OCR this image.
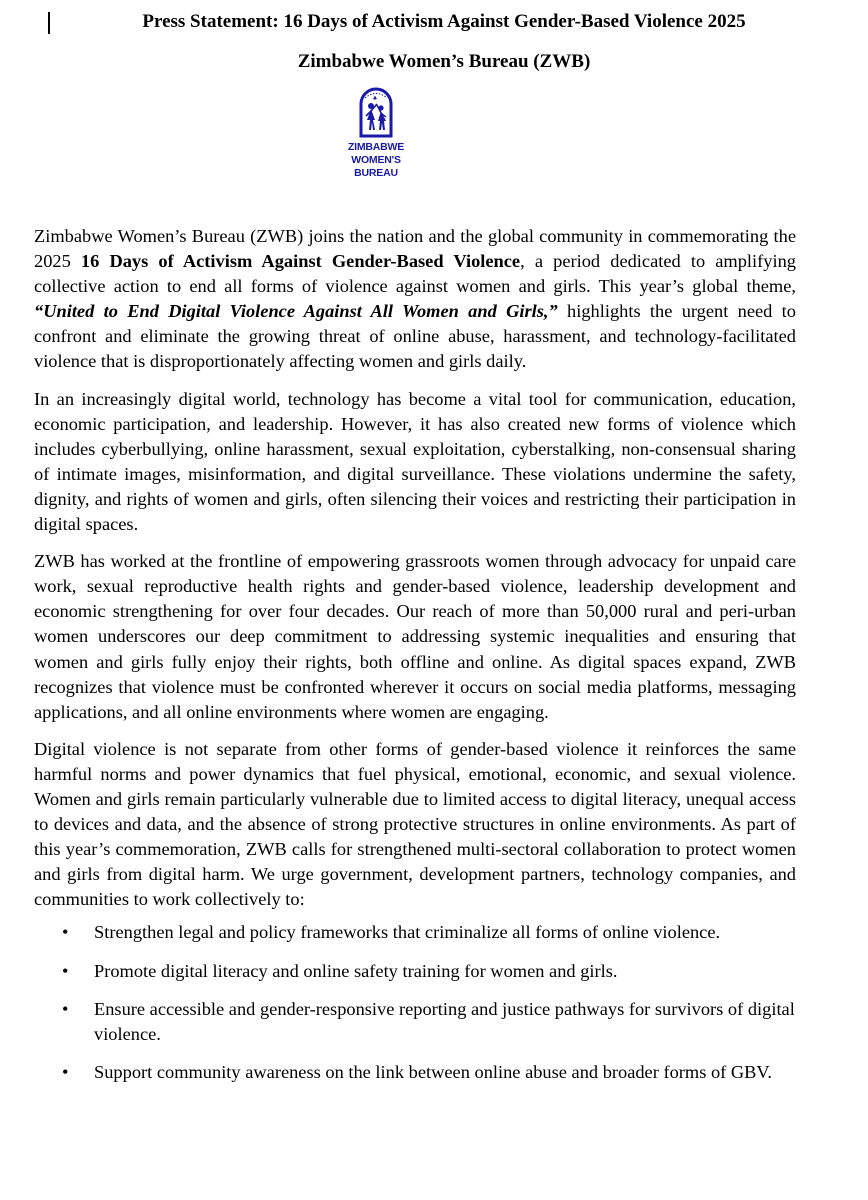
Press Statement: 16 Days of Activism Against Gender-Based Violence 2025
Zimbabwe Women’s Bureau (ZWB)
ZIMBABWE
WOMEN'S BUREAU

Zimbabwe Women’s Bureau (ZWB) joins the nation and the global community in commemorating the 2025 16 Days of Activism Against Gender-Based Violence, a period dedicated to amplifying collective action to end all forms of violence against women and girls. This year’s global theme, “United to End Digital Violence Against All Women and Girls,” highlights the urgent need to confront and eliminate the growing threat of online abuse, harassment, and technology-facilitated violence that is disproportionately affecting women and girls daily.

In an increasingly digital world, technology has become a vital tool for communication, education, economic participation, and leadership. However, it has also created new forms of violence which includes cyberbullying, online harassment, sexual exploitation, cyberstalking, non-consensual sharing of intimate images, misinformation, and digital surveillance. These violations undermine the safety, dignity, and rights of women and girls, often silencing their voices and restricting their participation in digital spaces.

ZWB has worked at the frontline of empowering grassroots women through advocacy for unpaid care work, sexual reproductive health rights and gender-based violence, leadership development and economic strengthening for over four decades. Our reach of more than 50,000 rural and peri-urban women underscores our deep commitment to addressing systemic inequalities and ensuring that women and girls fully enjoy their rights, both offline and online. As digital spaces expand, ZWB recognizes that violence must be confronted wherever it occurs on social media platforms, messaging applications, and all online environments where women are engaging.

Digital violence is not separate from other forms of gender-based violence it reinforces the same harmful norms and power dynamics that fuel physical, emotional, economic, and sexual violence. Women and girls remain particularly vulnerable due to limited access to digital literacy, unequal access to devices and data, and the absence of strong protective structures in online environments. As part of this year’s commemoration, ZWB calls for strengthened multi-sectoral collaboration to protect women and girls from digital harm. We urge government, development partners, technology companies, and communities to work collectively to:

• Strengthen legal and policy frameworks that criminalize all forms of online violence.
• Promote digital literacy and online safety training for women and girls.
• Ensure accessible and gender-responsive reporting and justice pathways for survivors of digital violence.
• Support community awareness on the link between online abuse and broader forms of GBV.
